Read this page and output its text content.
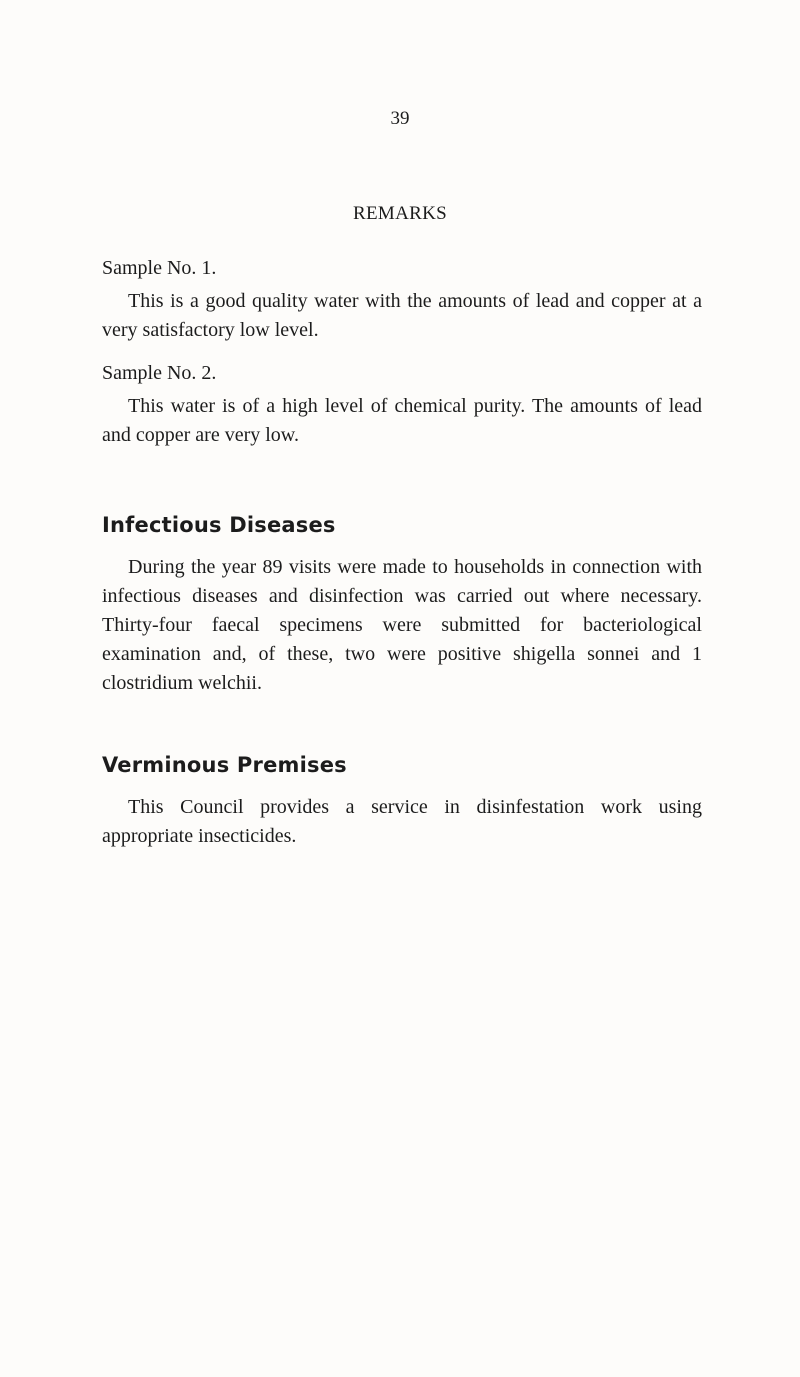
39
REMARKS
Sample No. 1.
This is a good quality water with the amounts of lead and copper at a very satisfactory low level.
Sample No. 2.
This water is of a high level of chemical purity. The amounts of lead and copper are very low.
Infectious Diseases
During the year 89 visits were made to households in connection with infectious diseases and disinfection was carried out where necessary. Thirty-four faecal specimens were submitted for bacteriological examination and, of these, two were positive shigella sonnei and 1 clostridium welchii.
Verminous Premises
This Council provides a service in disinfestation work using appropriate insecticides.
